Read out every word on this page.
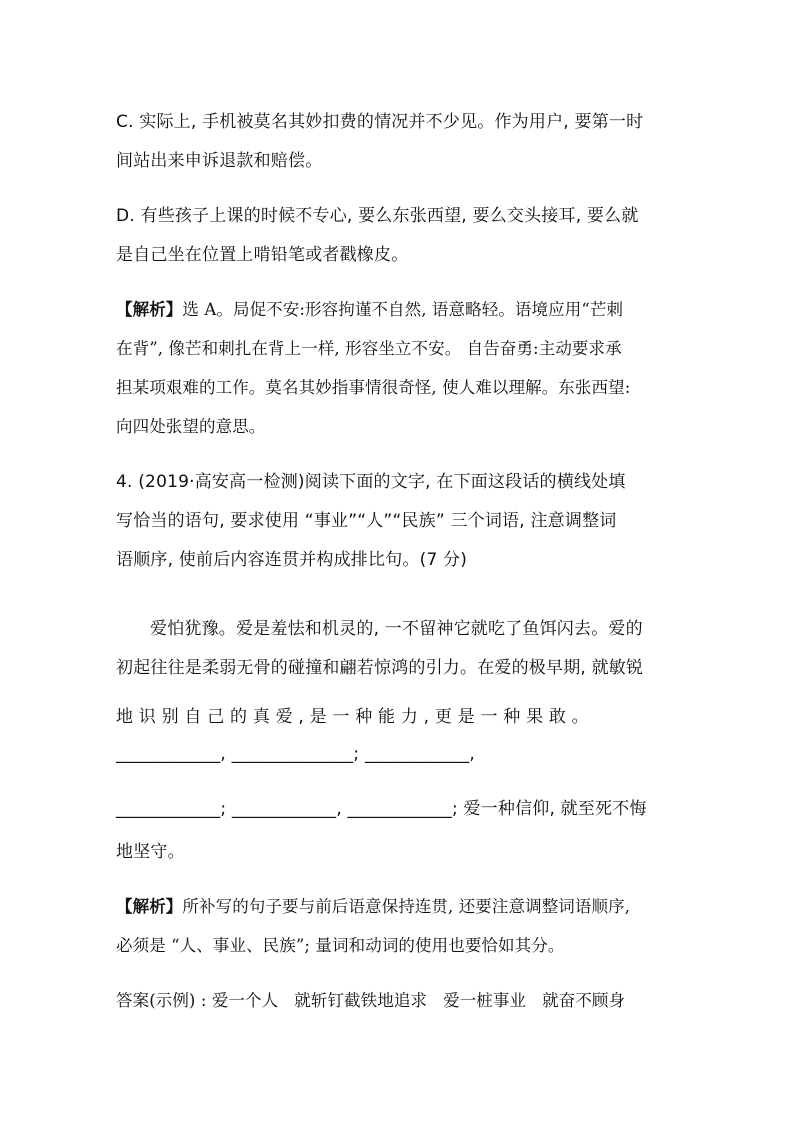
C. 实际上, 手机被莫名其妙扣费的情况并不少见。作为用户, 要第一时
间站出来申诉退款和赔偿。
D. 有些孩子上课的时候不专心, 要么东张西望, 要么交头接耳, 要么就
是自己坐在位置上啃铅笔或者戳橡皮。
【解析】选 A。局促不安:形容拘谨不自然, 语意略轻。语境应用“芒刺
在背”, 像芒和刺扎在背上一样, 形容坐立不安。 自告奋勇:主动要求承
担某项艰难的工作。莫名其妙指事情很奇怪, 使人难以理解。东张西望:
向四处张望的意思。
4. (2019·高安高一检测)阅读下面的文字, 在下面这段话的横线处填
写恰当的语句, 要求使用 “事业”“人”“民族” 三个词语, 注意调整词
语顺序, 使前后内容连贯并构成排比句。(7 分)
爱怕犹豫。爱是羞怯和机灵的, 一不留神它就吃了鱼饵闪去。爱的
初起往往是柔弱无骨的碰撞和翩若惊鸿的引力。在爱的极早期, 就敏锐
地 识 别 自 己 的 真 爱 , 是 一 种 能 力 , 更 是 一 种 果 敢 。
____________, ______________; ____________,
____________; ____________, ____________; 爱一种信仰, 就至死不悔
地坚守。
【解析】所补写的句子要与前后语意保持连贯, 还要注意调整词语顺序,
必须是 “人、事业、民族”; 量词和动词的使用也要恰如其分。
答案(示例) : 爱一个人   就斩钉截铁地追求   爱一桩事业   就奋不顾身
